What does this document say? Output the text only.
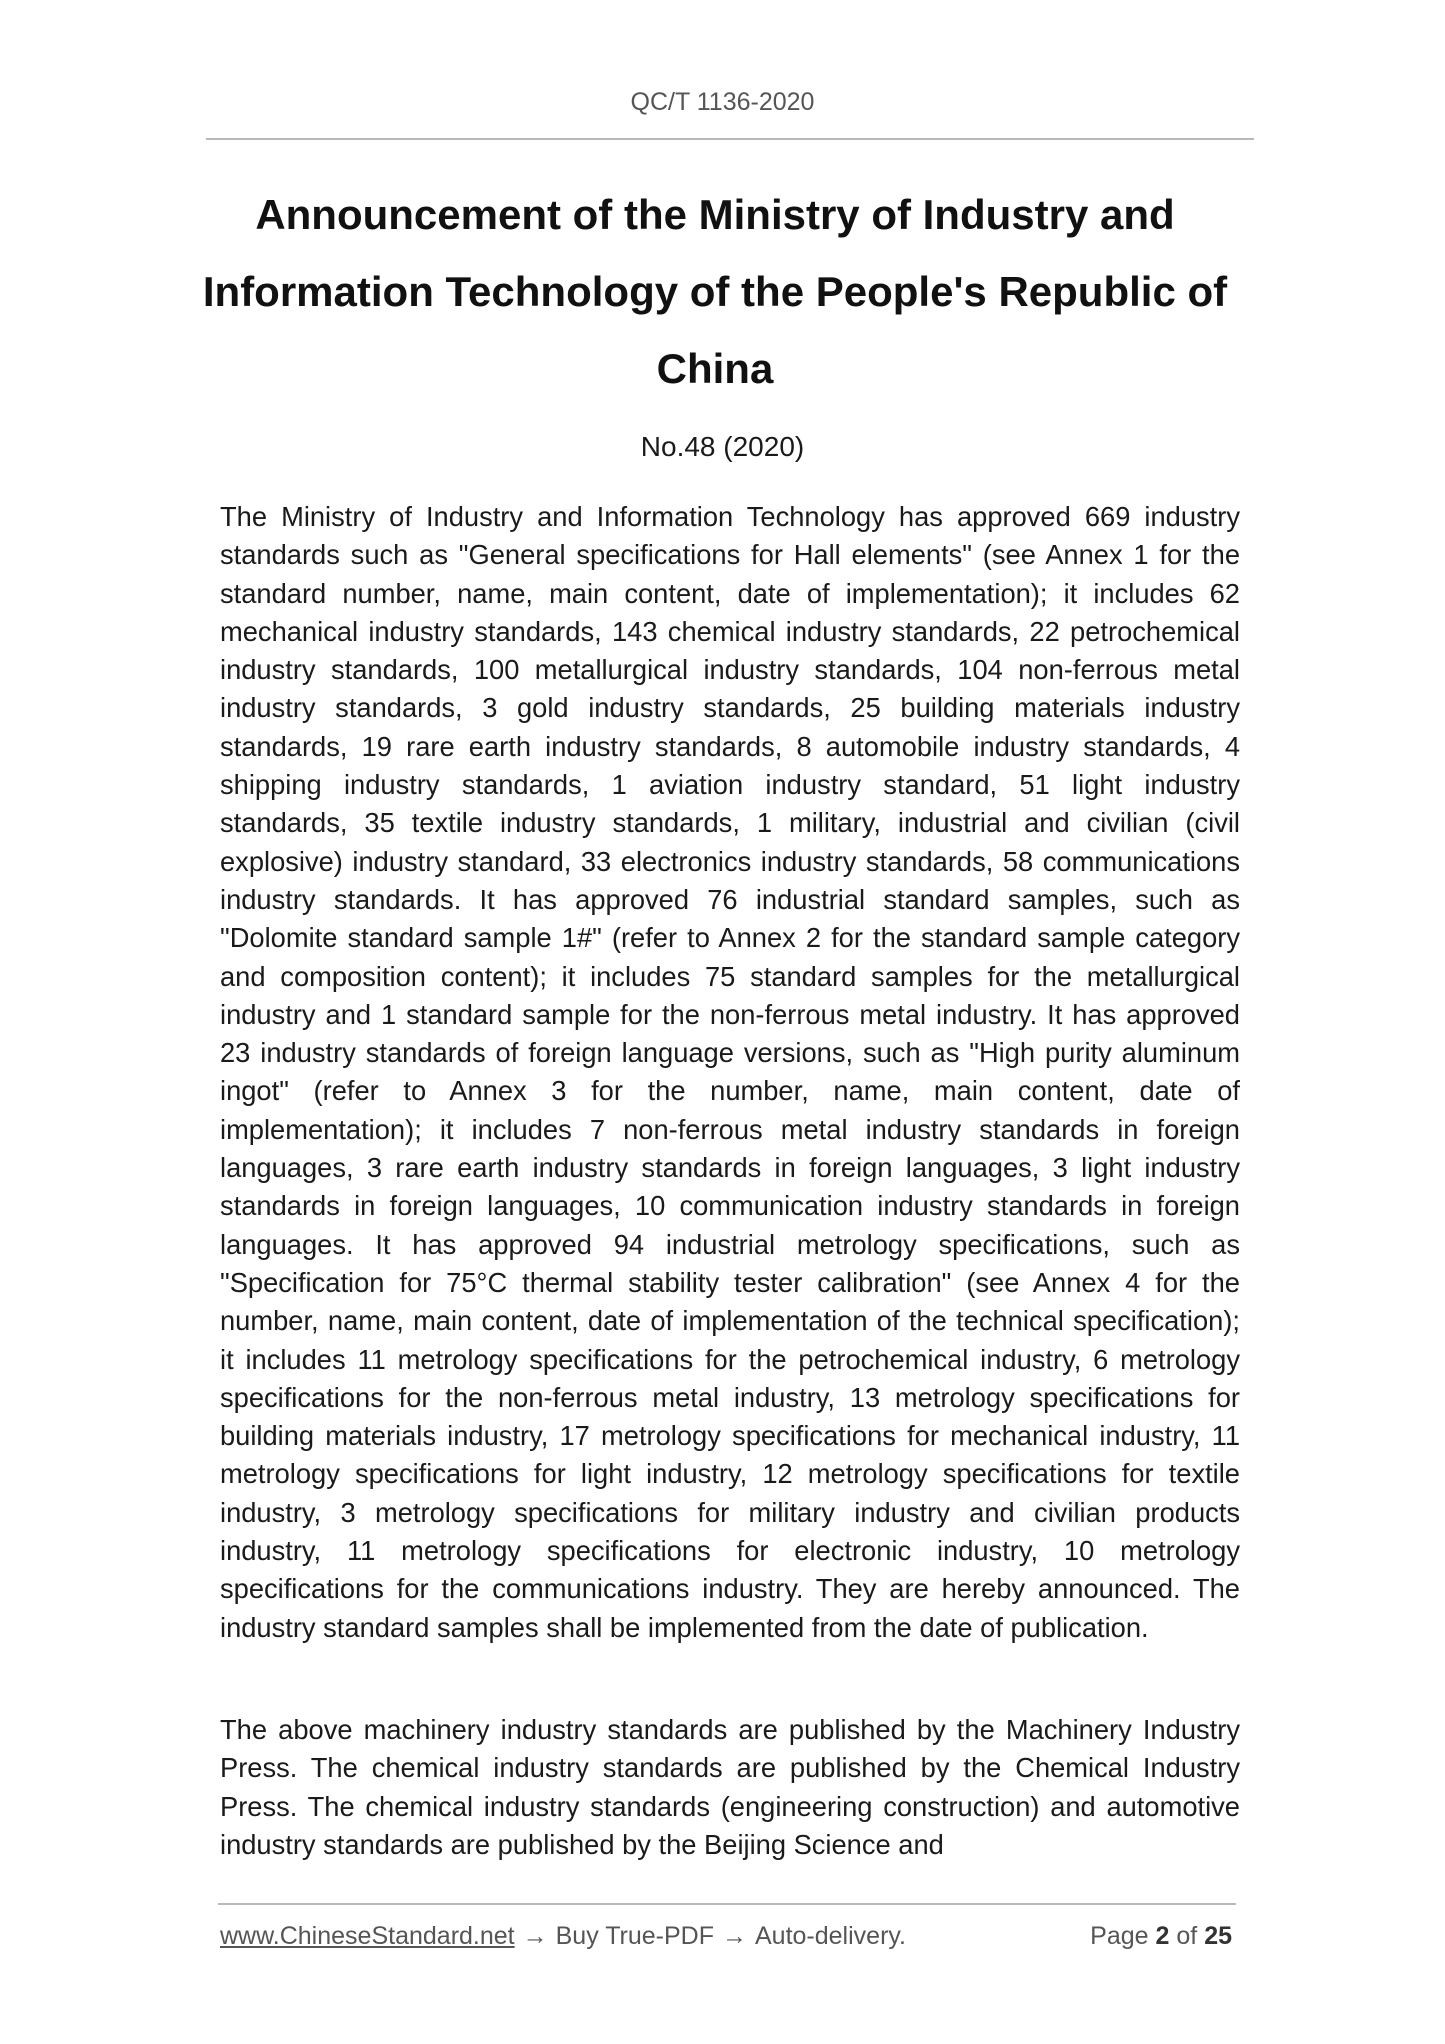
QC/T 1136-2020
Announcement of the Ministry of Industry and Information Technology of the People's Republic of China
No.48 (2020)

The Ministry of Industry and Information Technology has approved 669 industry standards such as "General specifications for Hall elements" (see Annex 1 for the standard number, name, main content, date of implementation); it includes 62 mechanical industry standards, 143 chemical industry standards, 22 petrochemical industry standards, 100 metallurgical industry standards, 104 non-ferrous metal industry standards, 3 gold industry standards, 25 building materials industry standards, 19 rare earth industry standards, 8 automobile industry standards, 4 shipping industry standards, 1 aviation industry standard, 51 light industry standards, 35 textile industry standards, 1 military, industrial and civilian (civil explosive) industry standard, 33 electronics industry standards, 58 communications industry standards. It has approved 76 industrial standard samples, such as "Dolomite standard sample 1#" (refer to Annex 2 for the standard sample category and composition content); it includes 75 standard samples for the metallurgical industry and 1 standard sample for the non-ferrous metal industry. It has approved 23 industry standards of foreign language versions, such as "High purity aluminum ingot" (refer to Annex 3 for the number, name, main content, date of implementation); it includes 7 non-ferrous metal industry standards in foreign languages, 3 rare earth industry standards in foreign languages, 3 light industry standards in foreign languages, 10 communication industry standards in foreign languages. It has approved 94 industrial metrology specifications, such as "Specification for 75°C thermal stability tester calibration" (see Annex 4 for the number, name, main content, date of implementation of the technical specification); it includes 11 metrology specifications for the petrochemical industry, 6 metrology specifications for the non-ferrous metal industry, 13 metrology specifications for building materials industry, 17 metrology specifications for mechanical industry, 11 metrology specifications for light industry, 12 metrology specifications for textile industry, 3 metrology specifications for military industry and civilian products industry, 11 metrology specifications for electronic industry, 10 metrology specifications for the communications industry. They are hereby announced. The industry standard samples shall be implemented from the date of publication.

The above machinery industry standards are published by the Machinery Industry Press. The chemical industry standards are published by the Chemical Industry Press. The chemical industry standards (engineering construction) and automotive industry standards are published by the Beijing Science and

www.ChineseStandard.net → Buy True-PDF → Auto-delivery.	Page 2 of 25
